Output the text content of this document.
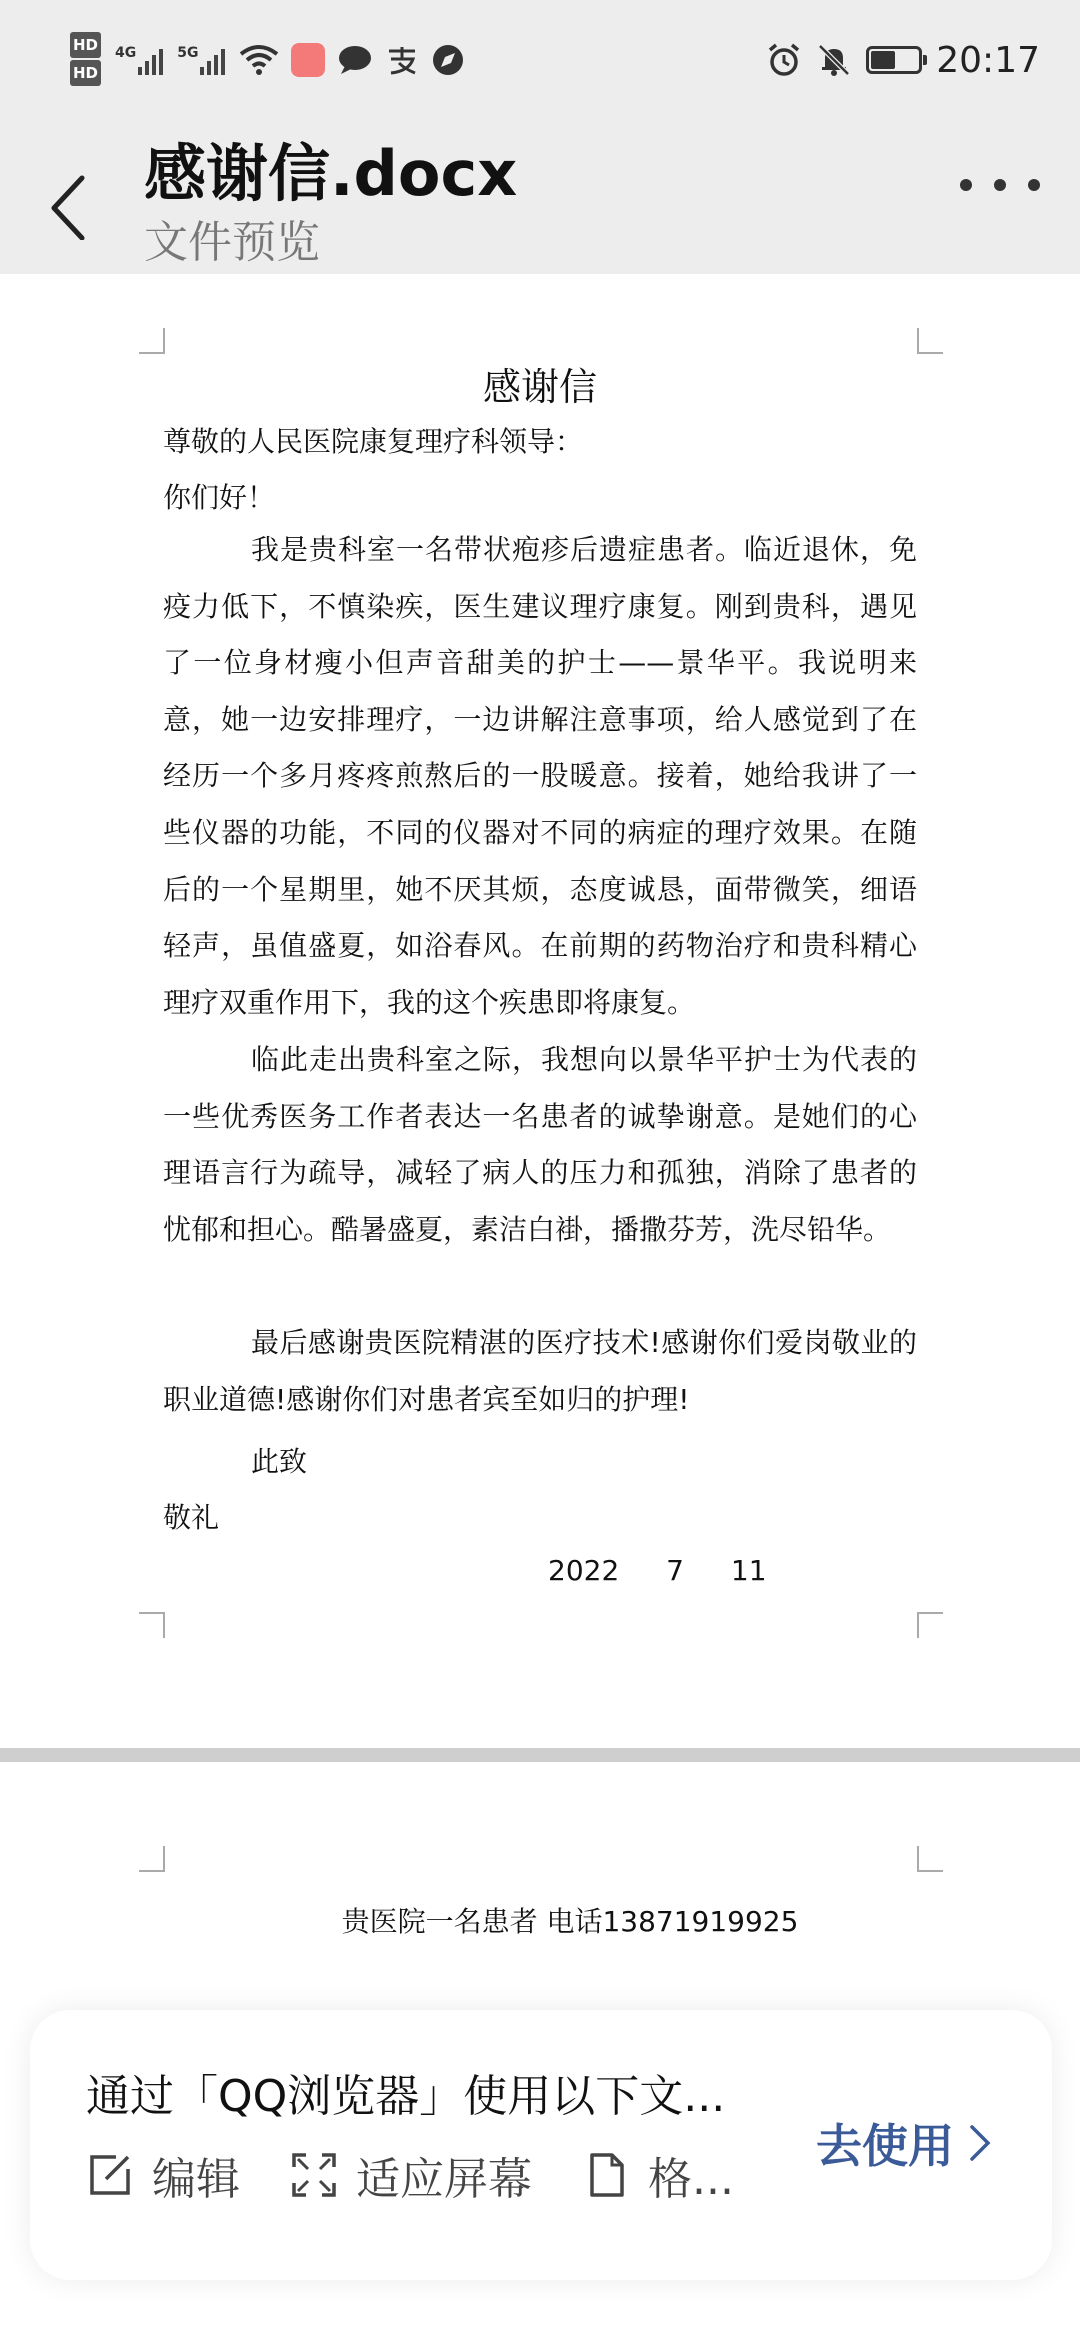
HD
HD
4G	5G	20:17
感谢信.docx
文件预览
感谢信
尊敬的人民医院康复理疗科领导：
你们好！

我是贵科室一名带状疱疹后遗症患者。临近退休，免疫力低下，不慎染疾，医生建议理疗康复。刚到贵科，遇见了一位身材瘦小但声音甜美的护士——景华平。我说明来意，她一边安排理疗，一边讲解注意事项，给人感觉到了在经历一个多月疼疼煎熬后的一股暖意。接着，她给我讲了一些仪器的功能，不同的仪器对不同的病症的理疗效果。在随后的一个星期里，她不厌其烦，态度诚恳，面带微笑，细语轻声，虽值盛夏，如浴春风。在前期的药物治疗和贵科精心理疗双重作用下，我的这个疾患即将康复。

临此走出贵科室之际，我想向以景华平护士为代表的一些优秀医务工作者表达一名患者的诚挚谢意。是她们的心理语言行为疏导，减轻了病人的压力和孤独，消除了患者的忧郁和担心。酷暑盛夏，素洁白褂，播撒芬芳，洗尽铅华。

最后感谢贵医院精湛的医疗技术!感谢你们爱岗敬业的职业道德!感谢你们对患者宾至如归的护理!

此致
敬礼
2022 7 11
贵医院一名患者 电话13871919925
通过「QQ浏览器」使用以下文...
编辑	适应屏幕	格...
去使用
